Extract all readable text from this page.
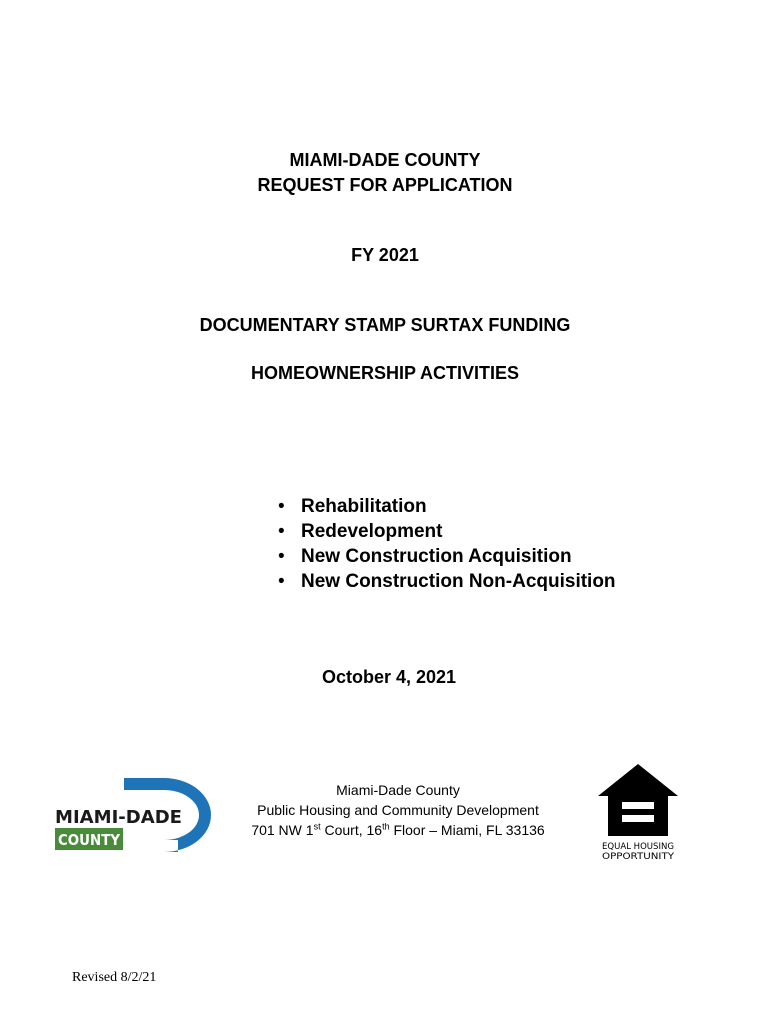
MIAMI-DADE COUNTY
REQUEST FOR APPLICATION
FY 2021
DOCUMENTARY STAMP SURTAX FUNDING
HOMEOWNERSHIP ACTIVITIES
• Rehabilitation
• Redevelopment
• New Construction Acquisition
• New Construction Non-Acquisition
October 4, 2021
MIAMI-DADE
COUNTY
Miami-Dade County
Public Housing and Community Development
701 NW 1st Court, 16th Floor – Miami, FL 33136
EQUAL HOUSING
OPPORTUNITY
Revised 8/2/21
